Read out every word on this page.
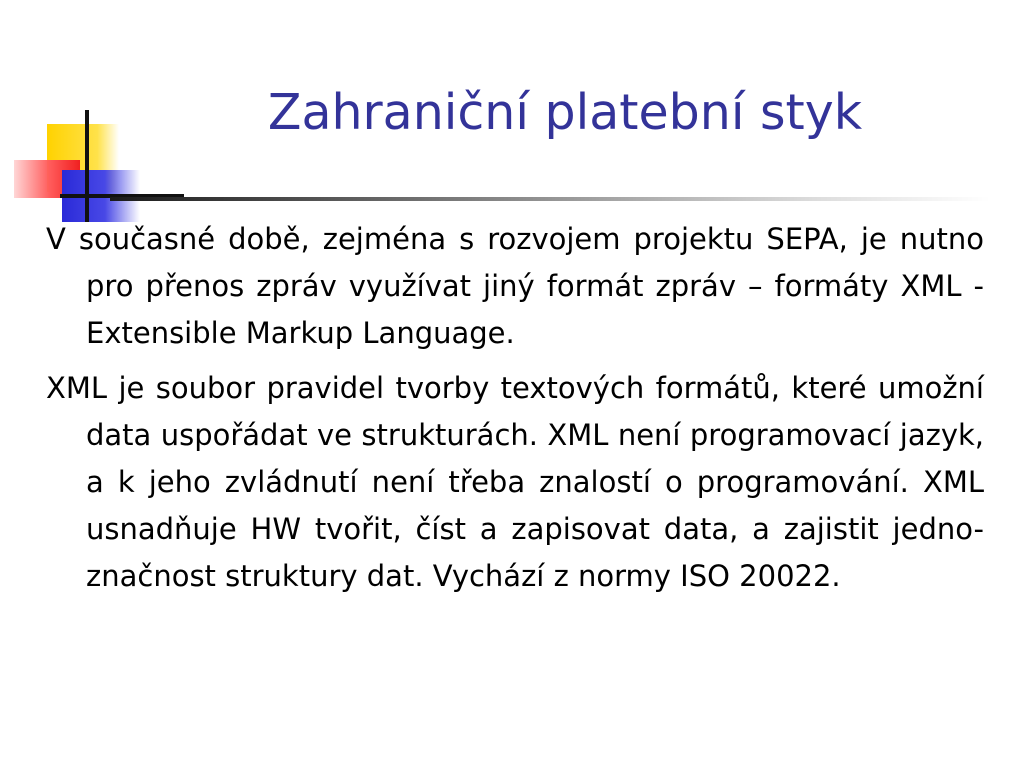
Zahraniční platební styk

V současné době, zejména s rozvojem projektu SEPA, je nutno pro přenos zpráv využívat jiný formát zpráv – formáty XML - Extensible Markup Language.

XML je soubor pravidel tvorby textových formátů, které umožní data uspořádat ve strukturách. XML není programovací jazyk, a k jeho zvládnutí není třeba znalostí o programování. XML usnadňuje HW tvořit, číst a zapisovat data, a zajistit jedno-značnost struktury dat. Vychází z normy ISO 20022.
